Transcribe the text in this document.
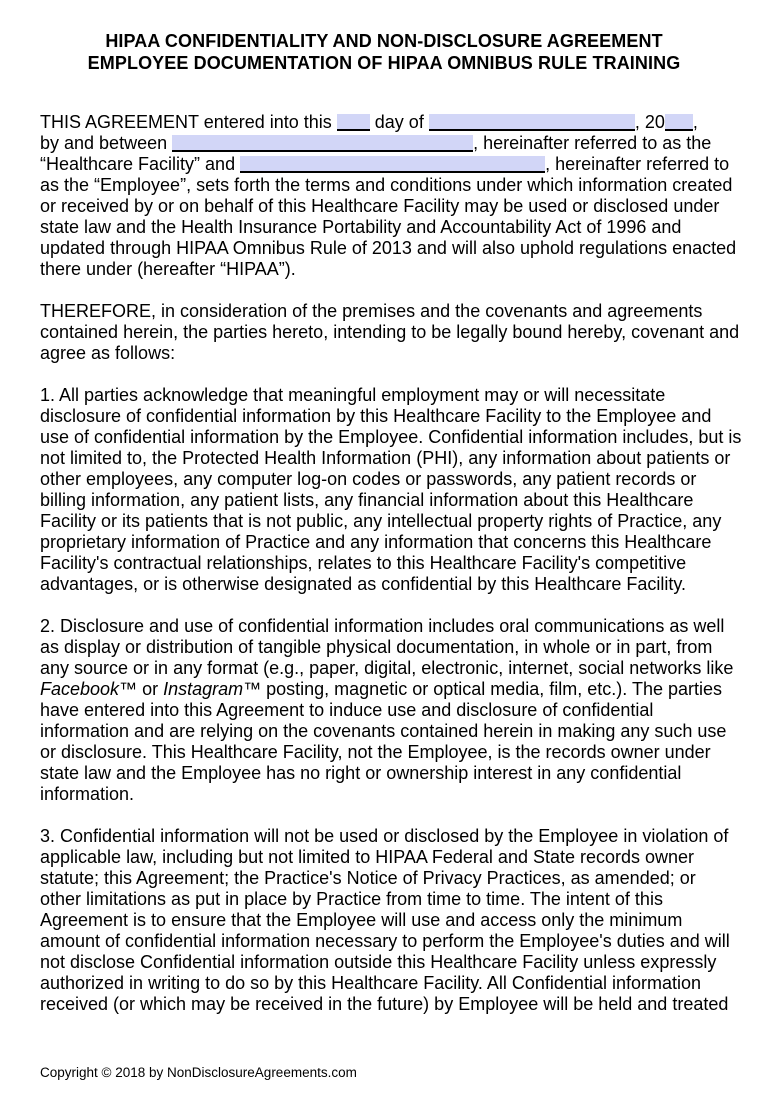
HIPAA CONFIDENTIALITY AND NON-DISCLOSURE AGREEMENT
EMPLOYEE DOCUMENTATION OF HIPAA OMNIBUS RULE TRAINING
THIS AGREEMENT entered into this  day of	, 20 ,
by and between	, hereinafter referred to as the
“Healthcare Facility” and	, hereinafter referred to
as the “Employee”, sets forth the terms and conditions under which information created
or received by or on behalf of this Healthcare Facility may be used or disclosed under
state law and the Health Insurance Portability and Accountability Act of 1996 and
updated through HIPAA Omnibus Rule of 2013 and will also uphold regulations enacted
there under (hereafter “HIPAA”).
THEREFORE, in consideration of the premises and the covenants and agreements
contained herein, the parties hereto, intending to be legally bound hereby, covenant and
agree as follows:
1. All parties acknowledge that meaningful employment may or will necessitate
disclosure of confidential information by this Healthcare Facility to the Employee and
use of confidential information by the Employee. Confidential information includes, but is
not limited to, the Protected Health Information (PHI), any information about patients or
other employees, any computer log-on codes or passwords, any patient records or
billing information, any patient lists, any financial information about this Healthcare
Facility or its patients that is not public, any intellectual property rights of Practice, any
proprietary information of Practice and any information that concerns this Healthcare
Facility's contractual relationships, relates to this Healthcare Facility's competitive
advantages, or is otherwise designated as confidential by this Healthcare Facility.
2. Disclosure and use of confidential information includes oral communications as well
as display or distribution of tangible physical documentation, in whole or in part, from
any source or in any format (e.g., paper, digital, electronic, internet, social networks like
Facebook™ or Instagram™ posting, magnetic or optical media, film, etc.). The parties
have entered into this Agreement to induce use and disclosure of confidential
information and are relying on the covenants contained herein in making any such use
or disclosure. This Healthcare Facility, not the Employee, is the records owner under
state law and the Employee has no right or ownership interest in any confidential
information.
3. Confidential information will not be used or disclosed by the Employee in violation of
applicable law, including but not limited to HIPAA Federal and State records owner
statute; this Agreement; the Practice's Notice of Privacy Practices, as amended; or
other limitations as put in place by Practice from time to time. The intent of this
Agreement is to ensure that the Employee will use and access only the minimum
amount of confidential information necessary to perform the Employee's duties and will
not disclose Confidential information outside this Healthcare Facility unless expressly
authorized in writing to do so by this Healthcare Facility. All Confidential information
received (or which may be received in the future) by Employee will be held and treated
Copyright © 2018 by NonDisclosureAgreements.com
